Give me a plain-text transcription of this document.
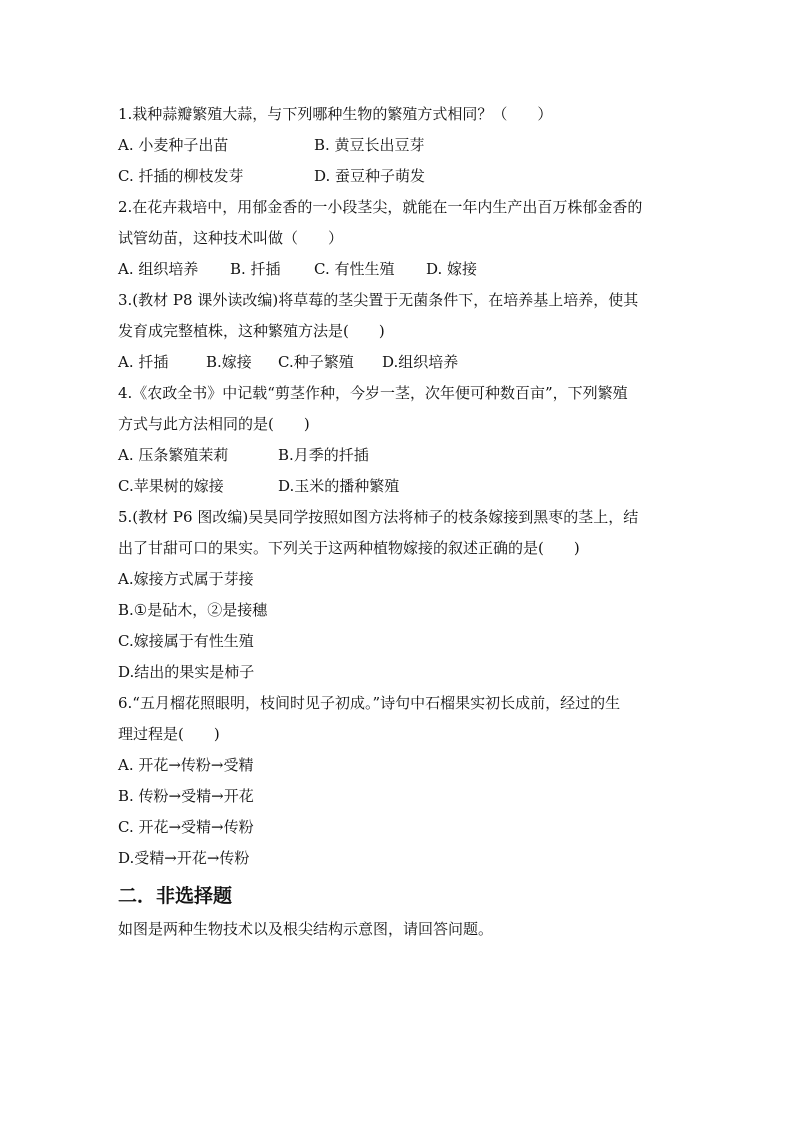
1.栽种蒜瓣繁殖大蒜，与下列哪种生物的繁殖方式相同？（　　）
A. 小麦种子出苗	B. 黄豆长出豆芽
C. 扦插的柳枝发芽	D. 蚕豆种子萌发
2.在花卉栽培中，用郁金香的一小段茎尖，就能在一年内生产出百万株郁金香的
试管幼苗，这种技术叫做（　　）
A. 组织培养	B. 扦插	C. 有性生殖	D. 嫁接
3.(教材 P8 课外读改编)将草莓的茎尖置于无菌条件下，在培养基上培养，使其
发育成完整植株，这种繁殖方法是(　　)
A. 扦插	B.嫁接	C.种子繁殖	D.组织培养
4.《农政全书》中记载“剪茎作种，今岁一茎，次年便可种数百亩”，下列繁殖
方式与此方法相同的是(　　)
A. 压条繁殖茉莉	B.月季的扦插
C.苹果树的嫁接	D.玉米的播种繁殖
5.(教材 P6 图改编)吴昊同学按照如图方法将柿子的枝条嫁接到黑枣的茎上，结
出了甘甜可口的果实。下列关于这两种植物嫁接的叙述正确的是(　　)
A.嫁接方式属于芽接
B.①是砧木，②是接穗
C.嫁接属于有性生殖
D.结出的果实是柿子
6.“五月榴花照眼明，枝间时见子初成。”诗句中石榴果实初长成前，经过的生
理过程是(　　)
A. 开花→传粉→受精
B. 传粉→受精→开花
C. 开花→受精→传粉
D.受精→开花→传粉
二．非选择题
如图是两种生物技术以及根尖结构示意图，请回答问题。
